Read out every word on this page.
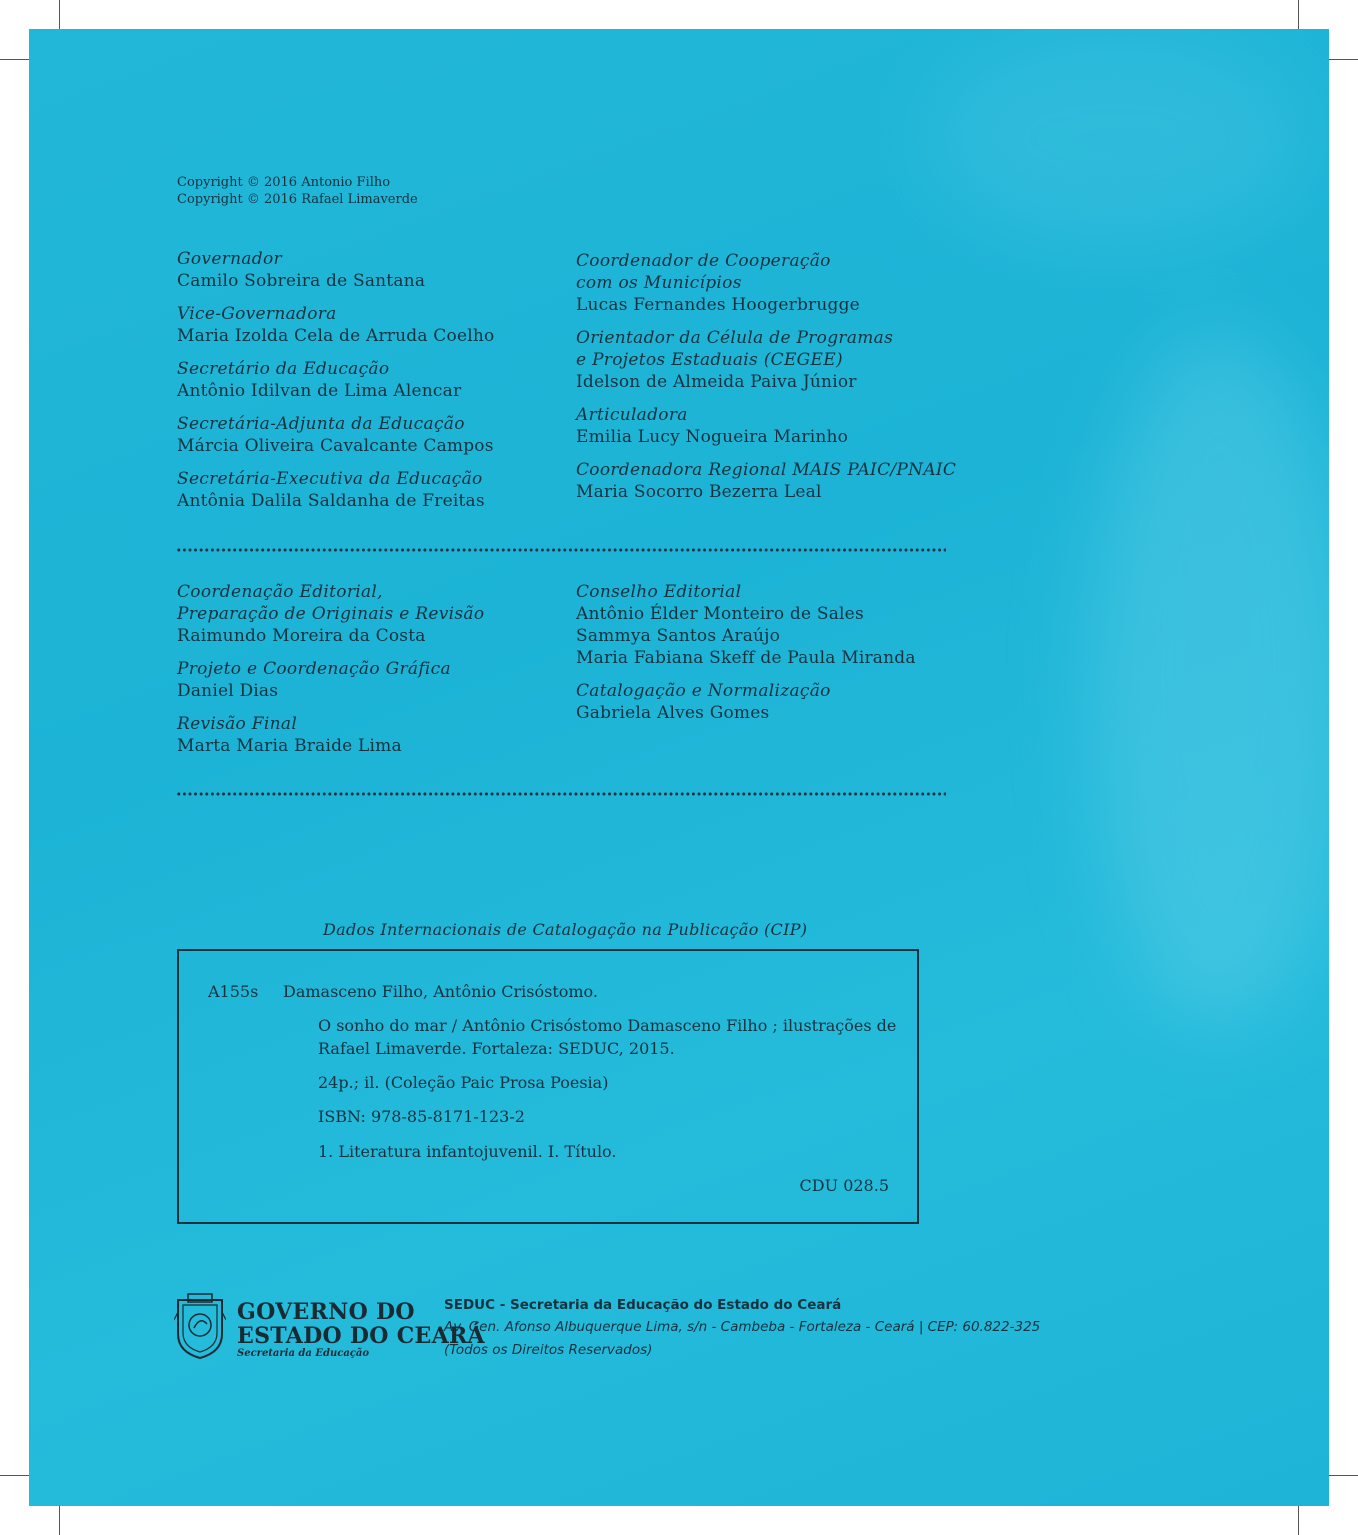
Copyright © 2016 Antonio Filho
Copyright © 2016 Rafael Limaverde
Governador
Camilo Sobreira de Santana
Vice-Governadora
Maria Izolda Cela de Arruda Coelho
Secretário da Educação
Antônio Idilvan de Lima Alencar
Secretária-Adjunta da Educação
Márcia Oliveira Cavalcante Campos
Secretária-Executiva da Educação
Antônia Dalila Saldanha de Freitas
Coordenador de Cooperação
com os Municípios
Lucas Fernandes Hoogerbrugge
Orientador da Célula de Programas
e Projetos Estaduais (CEGEE)
Idelson de Almeida Paiva Júnior
Articuladora
Emilia Lucy Nogueira Marinho
Coordenadora Regional MAIS PAIC/PNAIC
Maria Socorro Bezerra Leal
Coordenação Editorial,
Preparação de Originais e Revisão
Raimundo Moreira da Costa
Projeto e Coordenação Gráfica
Daniel Dias
Revisão Final
Marta Maria Braide Lima
Conselho Editorial
Antônio Élder Monteiro de Sales
Sammya Santos Araújo
Maria Fabiana Skeff de Paula Miranda
Catalogação e Normalização
Gabriela Alves Gomes
Dados Internacionais de Catalogação na Publicação (CIP)
A155s Damasceno Filho, Antônio Crisóstomo.
O sonho do mar / Antônio Crisóstomo Damasceno Filho ; ilustrações de
Rafael Limaverde. Fortaleza: SEDUC, 2015.
24p.; il. (Coleção Paic Prosa Poesia)
ISBN: 978-85-8171-123-2
1. Literatura infantojuvenil. I. Título.
CDU 028.5
GOVERNO DO
ESTADO DO CEARÁ
Secretaria da Educação
SEDUC - Secretaria da Educação do Estado do Ceará
Av. Gen. Afonso Albuquerque Lima, s/n - Cambeba - Fortaleza - Ceará | CEP: 60.822-325
(Todos os Direitos Reservados)
